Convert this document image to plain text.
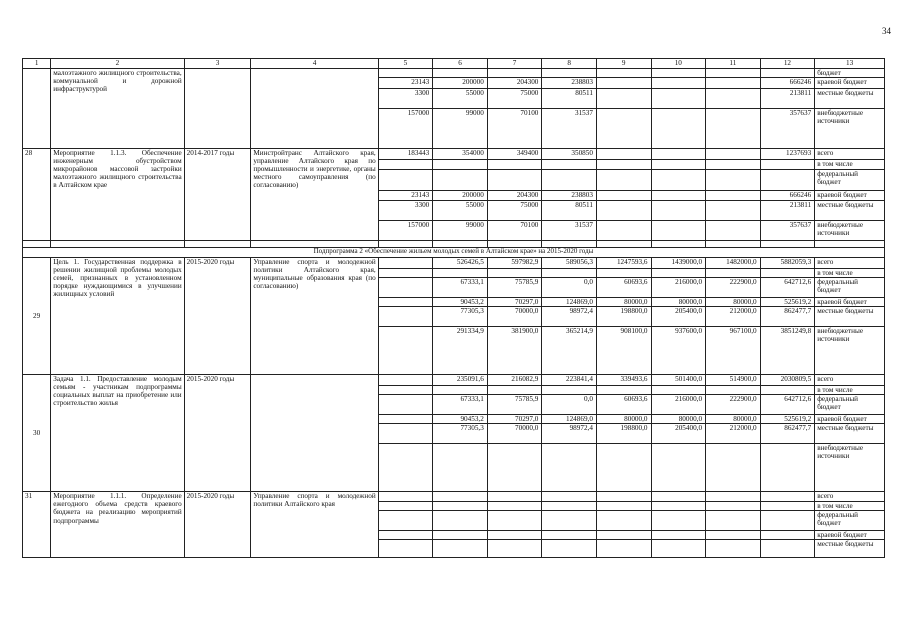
34
1	2	3	4	5	6	7	8	9	10	11	12	13
	малоэтажного жилищного строительства, коммунальной и дорожной инфраструктурой											бюджет
				23143	200000	204300	238803				666246	краевой бюджет
				3300	55000	75000	80511				213811	местные бюджеты
				157000	99000	70100	31537				357637	внебюджетные источники
28	Мероприятие 1.1.3. Обеспечение инженерным обустройством микрорайонов массовой застройки малоэтажного жилищного строительства в Алтайском крае	2014-2017 годы	Минстройтранс Алтайского края, управление Алтайского края по промышленности и энергетике, органы местного самоуправления (по согласованию)	183443	354000	349400	350850				1237693	всего
												в том числе
												федеральный бюджет
				23143	200000	204300	238803				666246	краевой бюджет
				3300	55000	75000	80511				213811	местные бюджеты
				157000	99000	70100	31537				357637	внебюджетные источники

Подпрограмма 2 «Обеспечение жильем молодых семей в Алтайском крае» на 2015-2020 годы												
29	Цель 1. Государственная поддержка в решении жилищной проблемы молодых семей, признанных в установленном порядке нуждающимися в улучшении жилищных условий	2015-2020 годы	Управление спорта и молодежной политики Алтайского края, муниципальные образования края (по согласованию)		526426,5	597982,9	589056,3	1247593,6	1439000,0	1482000,0	5882059,3	всего
												в том числе
					67333,1	75785,9	0,0	60693,6	216000,0	222900,0	642712,6	федеральный бюджет
					90453,2	70297,0	124869,0	80000,0	80000,0	80000,0	525619,2	краевой бюджет
					77305,3	70000,0	98972,4	198800,0	205400,0	212000,0	862477,7	местные бюджеты
					291334,9	381900,0	365214,9	908100,0	937600,0	967100,0	3851249,8	внебюджетные источники
30	Задача 1.1. Предоставление молодым семьям - участникам подпрограммы социальных выплат на приобретение или строительство жилья	2015-2020 годы			235091,6	216082,9	223841,4	339493,6	501400,0	514900,0	2030809,5	всего
												в том числе
					67333,1	75785,9	0,0	60693,6	216000,0	222900,0	642712,6	федеральный бюджет
					90453,2	70297,0	124869,0	80000,0	80000,0	80000,0	525619,2	краевой бюджет
					77305,3	70000,0	98972,4	198800,0	205400,0	212000,0	862477,7	местные бюджеты
												внебюджетные источники
31	Мероприятие 1.1.1. Определение ежегодного объема средств краевого бюджета на реализацию мероприятий подпрограммы	2015-2020 годы	Управление спорта и молодежной политики Алтайского края									всего
												в том числе
												федеральный бюджет
												краевой бюджет
												местные бюджеты
